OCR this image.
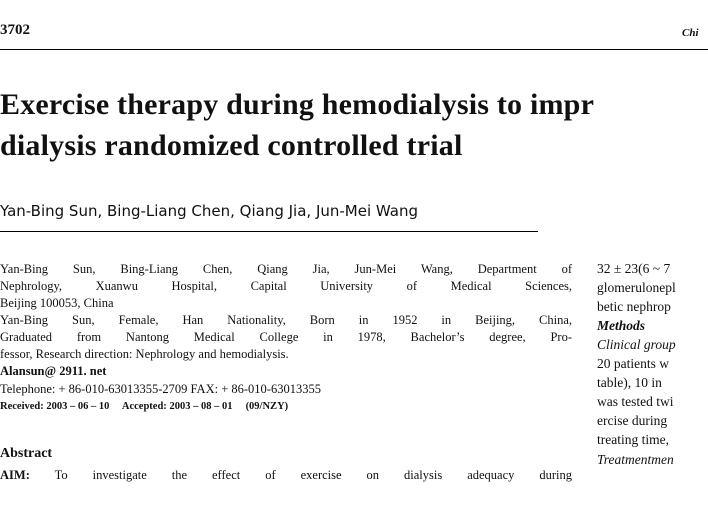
3702	Chi
Exercise therapy during hemodialysis to impr
dialysis randomized controlled trial
Yan-Bing Sun, Bing-Liang Chen, Qiang Jia, Jun-Mei Wang
Yan-Bing Sun, Bing-Liang Chen, Qiang Jia, Jun-Mei Wang, Department of
Nephrology, Xuanwu Hospital, Capital University of Medical Sciences,
Beijing 100053, China
Yan-Bing Sun, Female, Han Nationality, Born in 1952 in Beijing, China,
Graduated from Nantong Medical College in 1978, Bachelor’s degree, Pro-
fessor, Research direction: Nephrology and hemodialysis.
Alansun@ 2911. net
Telephone: + 86-010-63013355-2709 FAX: + 86-010-63013355
Received: 2003 – 06 – 10 Accepted: 2003 – 08 – 01 (09/NZY)
Abstract
AIM: To investigate the effect of exercise on dialysis adequacy during
32 ± 23(6 ~ 7
glomerulonepl
betic nephrop
Methods
Clinical group
20 patients w
table), 10 in
was tested twi
ercise during
treating time,
Treatmentmen
